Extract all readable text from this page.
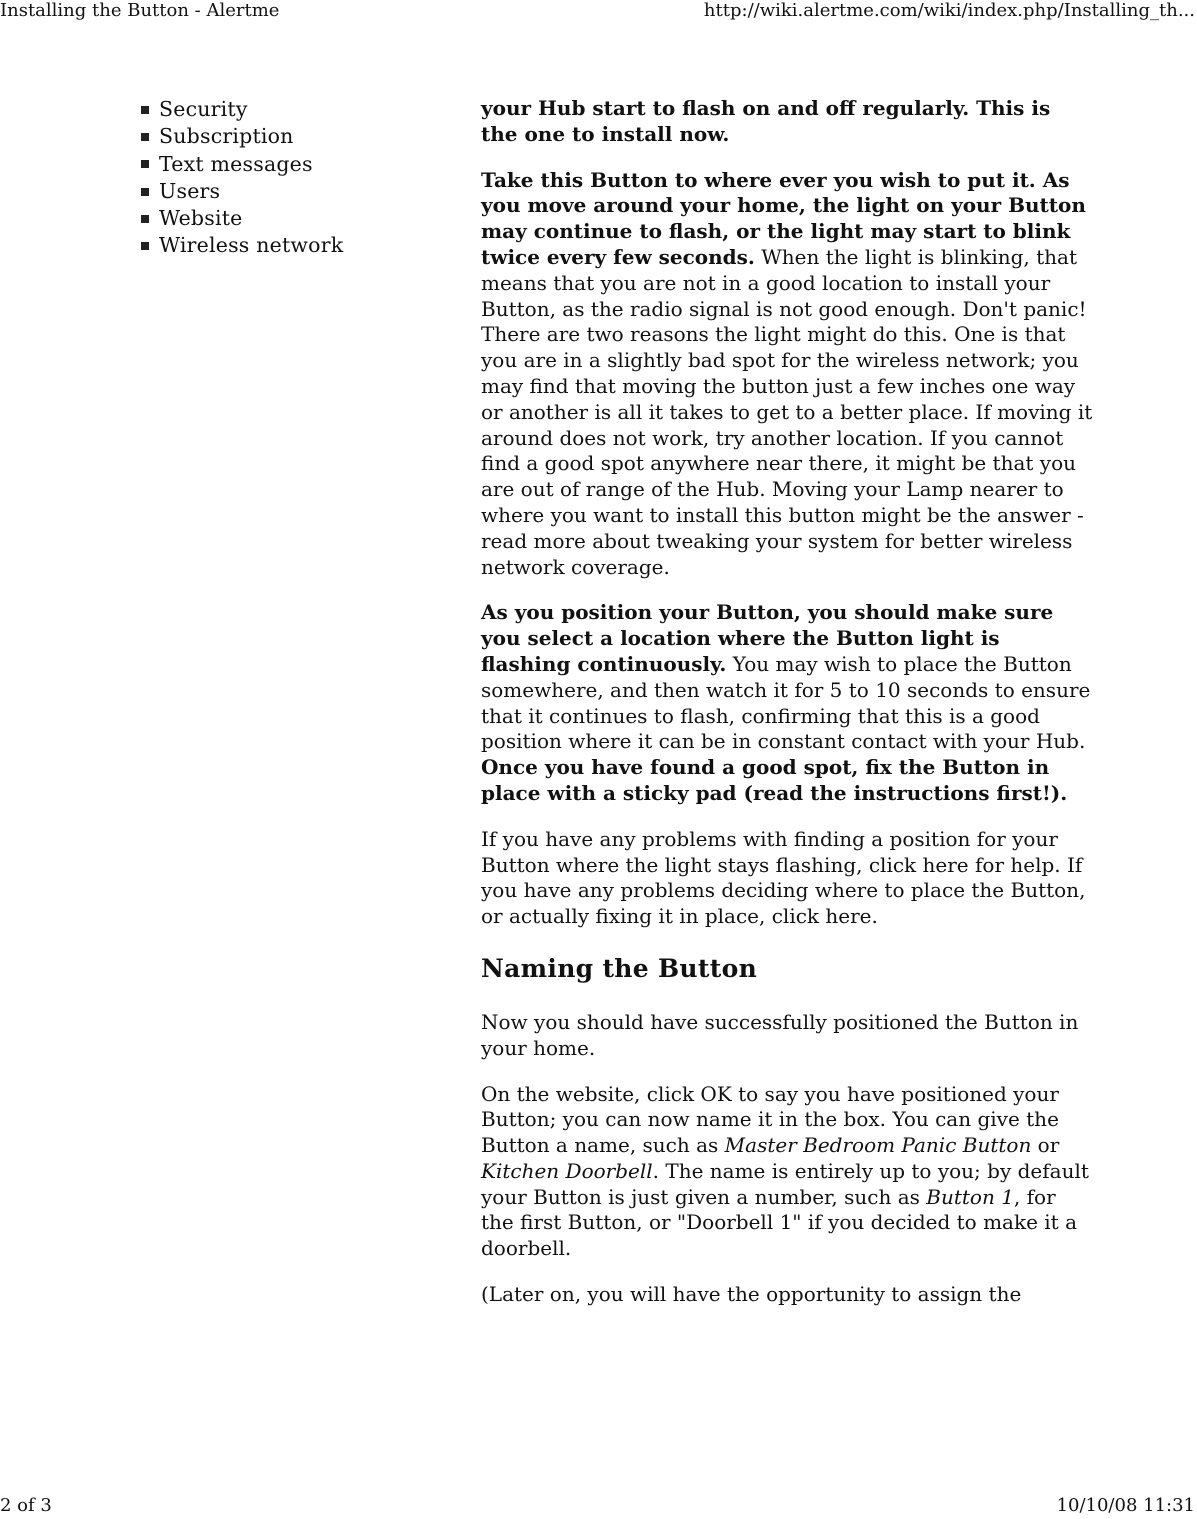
Installing the Button - Alertme	http://wiki.alertme.com/wiki/index.php/Installing_th...
Security
Subscription
Text messages
Users
Website
Wireless network

your Hub start to flash on and off regularly. This is the one to install now.

Take this Button to where ever you wish to put it. As you move around your home, the light on your Button may continue to flash, or the light may start to blink twice every few seconds. When the light is blinking, that means that you are not in a good location to install your Button, as the radio signal is not good enough. Don't panic! There are two reasons the light might do this. One is that you are in a slightly bad spot for the wireless network; you may find that moving the button just a few inches one way or another is all it takes to get to a better place. If moving it around does not work, try another location. If you cannot find a good spot anywhere near there, it might be that you are out of range of the Hub. Moving your Lamp nearer to where you want to install this button might be the answer - read more about tweaking your system for better wireless network coverage.

As you position your Button, you should make sure you select a location where the Button light is flashing continuously. You may wish to place the Button somewhere, and then watch it for 5 to 10 seconds to ensure that it continues to flash, confirming that this is a good position where it can be in constant contact with your Hub. Once you have found a good spot, fix the Button in place with a sticky pad (read the instructions first!).

If you have any problems with finding a position for your Button where the light stays flashing, click here for help. If you have any problems deciding where to place the Button, or actually fixing it in place, click here.

Naming the Button

Now you should have successfully positioned the Button in your home.

On the website, click OK to say you have positioned your Button; you can now name it in the box. You can give the Button a name, such as Master Bedroom Panic Button or Kitchen Doorbell. The name is entirely up to you; by default your Button is just given a number, such as Button 1, for the first Button, or "Doorbell 1" if you decided to make it a doorbell.

(Later on, you will have the opportunity to assign the

2 of 3	10/10/08 11:31
